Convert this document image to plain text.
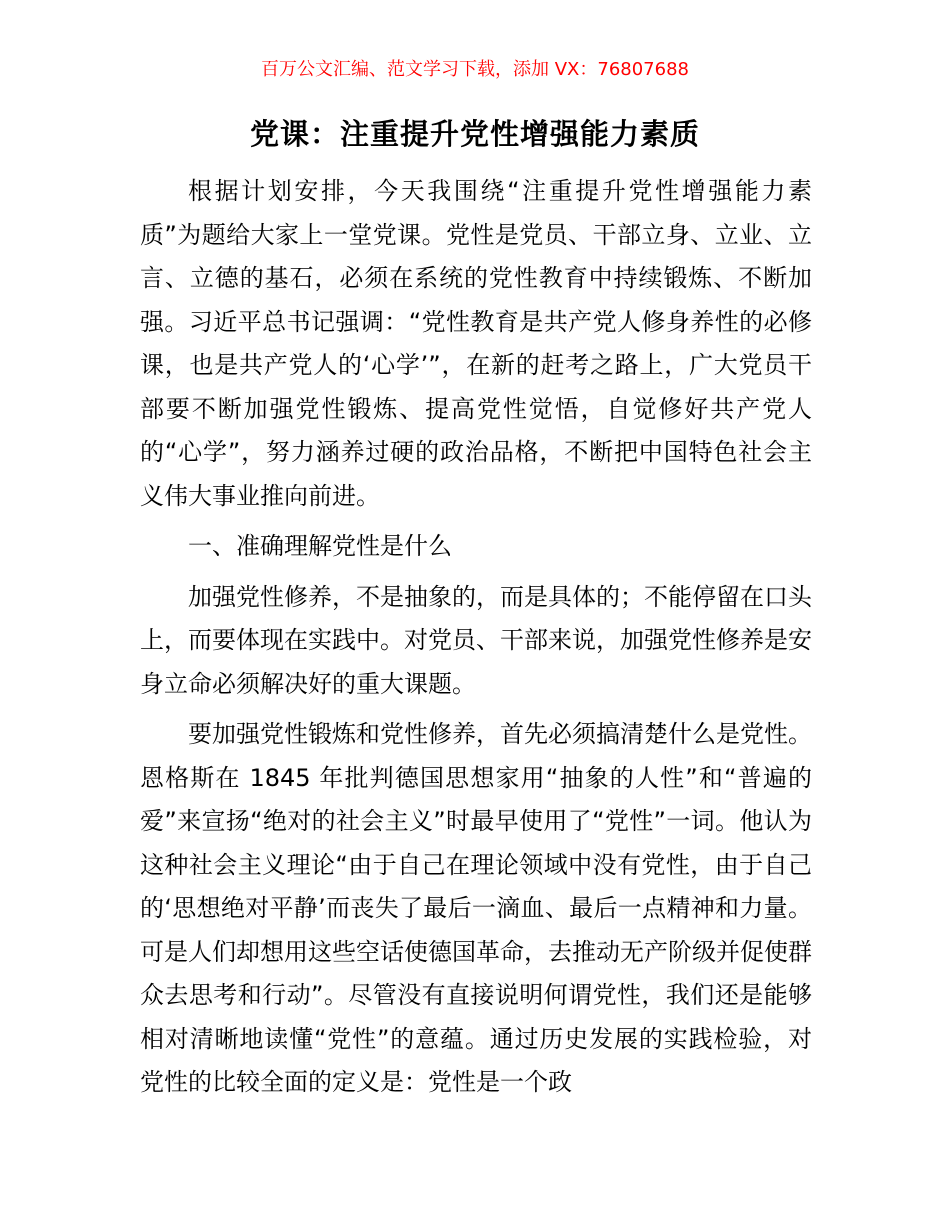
百万公文汇编、范文学习下载，添加 VX：76807688
党课：注重提升党性增强能力素质

根据计划安排，今天我围绕“注重提升党性增强能力素质”为题给大家上一堂党课。党性是党员、干部立身、立业、立言、立德的基石，必须在系统的党性教育中持续锻炼、不断加强。习近平总书记强调：“党性教育是共产党人修身养性的必修课，也是共产党人的‘心学’”，在新的赶考之路上，广大党员干部要不断加强党性锻炼、提高党性觉悟，自觉修好共产党人的“心学”，努力涵养过硬的政治品格，不断把中国特色社会主义伟大事业推向前进。

一、准确理解党性是什么

加强党性修养，不是抽象的，而是具体的；不能停留在口头上，而要体现在实践中。对党员、干部来说，加强党性修养是安身立命必须解决好的重大课题。

要加强党性锻炼和党性修养，首先必须搞清楚什么是党性。恩格斯在 1845 年批判德国思想家用“抽象的人性”和“普遍的爱”来宣扬“绝对的社会主义”时最早使用了“党性”一词。他认为这种社会主义理论“由于自己在理论领域中没有党性，由于自己的‘思想绝对平静’而丧失了最后一滴血、最后一点精神和力量。可是人们却想用这些空话使德国革命，去推动无产阶级并促使群众去思考和行动”。尽管没有直接说明何谓党性，我们还是能够相对清晰地读懂“党性”的意蕴。通过历史发展的实践检验，对党性的比较全面的定义是：党性是一个政
